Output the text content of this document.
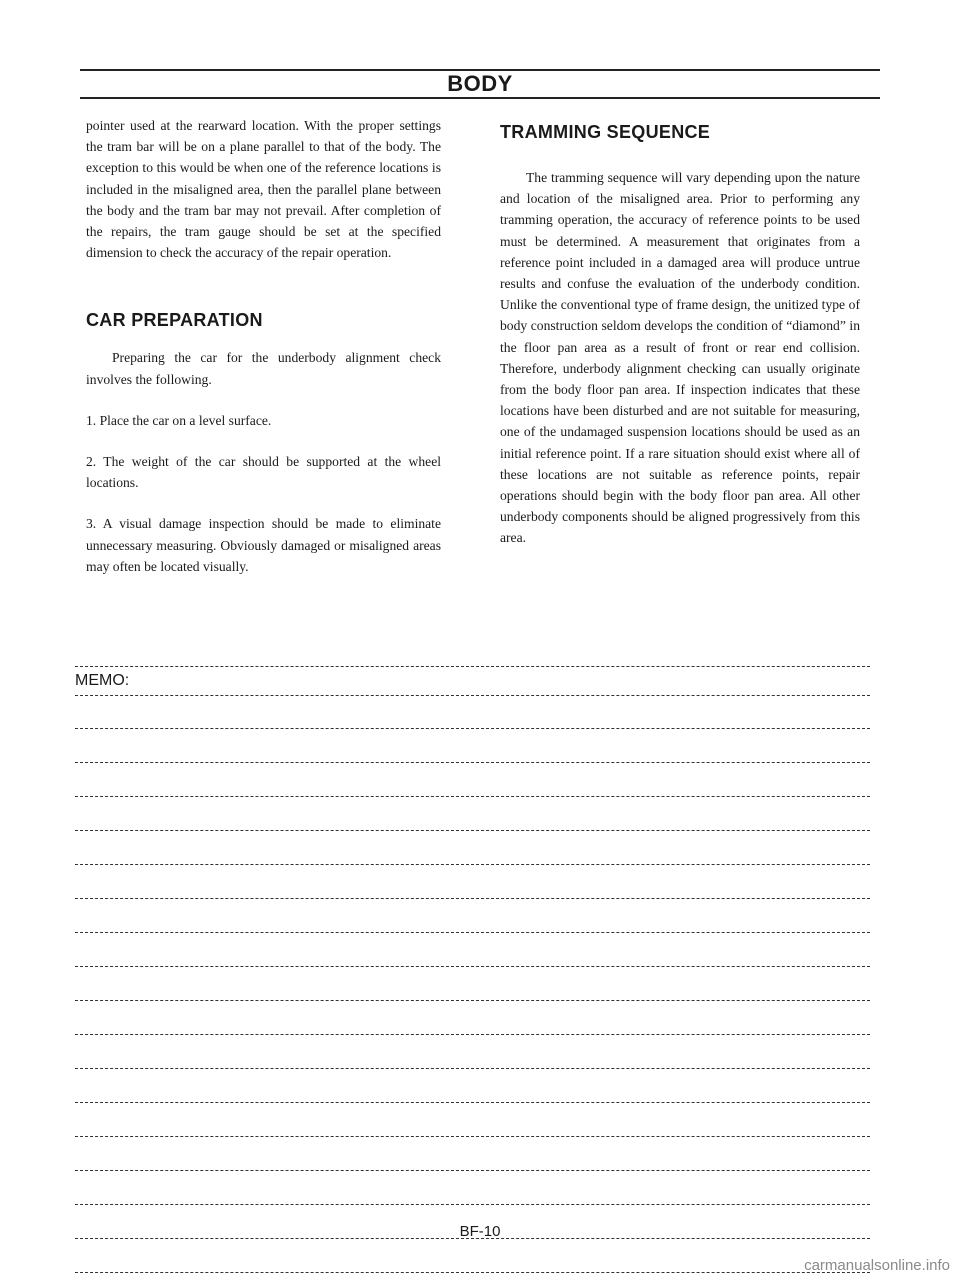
BODY

pointer used at the rearward location. With the proper settings the tram bar will be on a plane parallel to that of the body. The exception to this would be when one of the reference locations is included in the misaligned area, then the parallel plane between the body and the tram bar may not prevail. After completion of the repairs, the tram gauge should be set at the specified dimension to check the accuracy of the repair operation.

CAR PREPARATION

Preparing the car for the underbody alignment check involves the following.

1. Place the car on a level surface.

2. The weight of the car should be supported at the wheel locations.

3. A visual damage inspection should be made to eliminate unnecessary measuring. Obviously damaged or misaligned areas may often be located visually.

TRAMMING SEQUENCE

The tramming sequence will vary depending upon the nature and location of the misaligned area. Prior to performing any tramming operation, the accuracy of reference points to be used must be determined. A measurement that originates from a reference point included in a damaged area will produce untrue results and confuse the evaluation of the underbody condition. Unlike the conventional type of frame design, the unitized type of body construction seldom develops the condition of “diamond” in the floor pan area as a result of front or rear end collision. Therefore, underbody alignment checking can usually originate from the body floor pan area. If inspection indicates that these locations have been disturbed and are not suitable for measuring, one of the undamaged suspension locations should be used as an initial reference point. If a rare situation should exist where all of these locations are not suitable as reference points, repair operations should begin with the body floor pan area. All other underbody components should be aligned progressively from this area.

MEMO:
BF-10
carmanualsonline.info
